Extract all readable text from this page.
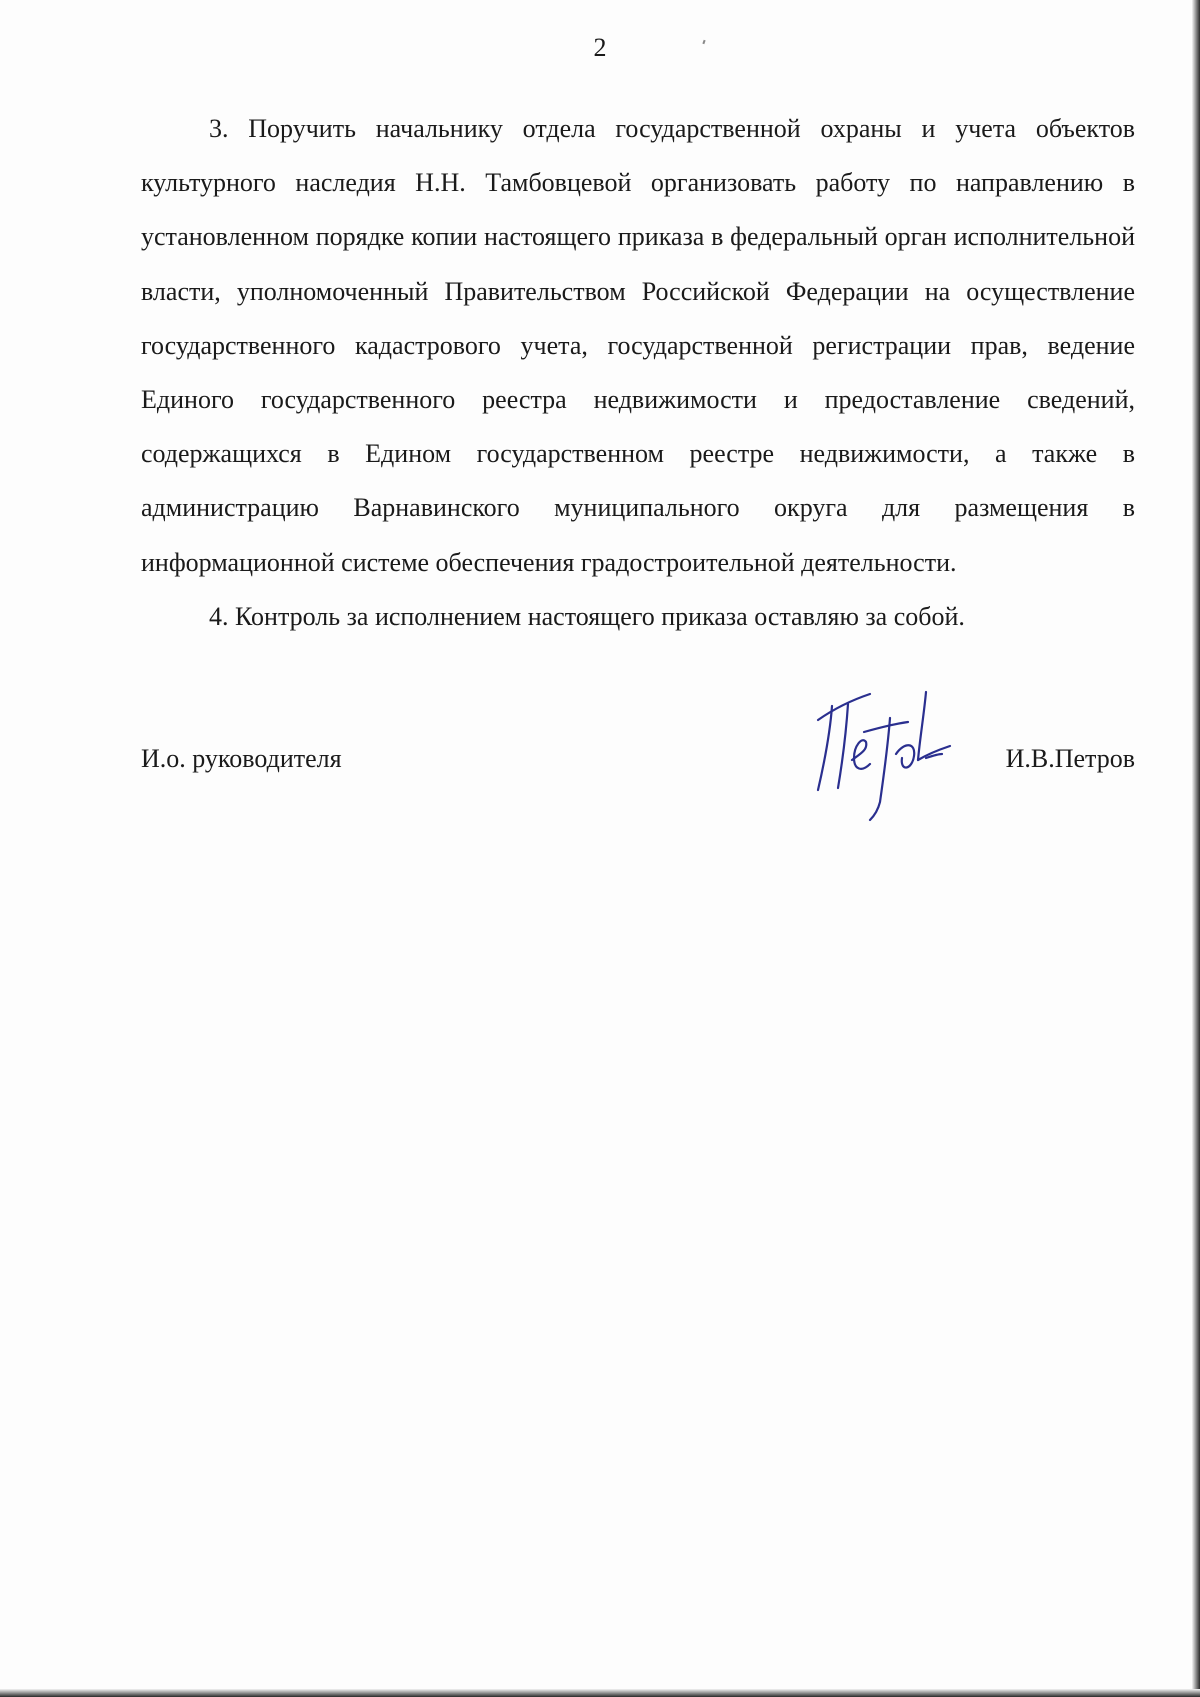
2

3. Поручить начальнику отдела государственной охраны и учета объектов культурного наследия Н.Н. Тамбовцевой организовать работу по направлению в установленном порядке копии настоящего приказа в федеральный орган исполнительной власти, уполномоченный Правительством Российской Федерации на осуществление государственного кадастрового учета, государственной регистрации прав, ведение Единого государственного реестра недвижимости и предоставление сведений, содержащихся в Едином государственном реестре недвижимости, а также в администрацию Варнавинского муниципального округа для размещения в информационной системе обеспечения градостроительной деятельности.

4. Контроль за исполнением настоящего приказа оставляю за собой.

И.о. руководителя	И.В.Петров
